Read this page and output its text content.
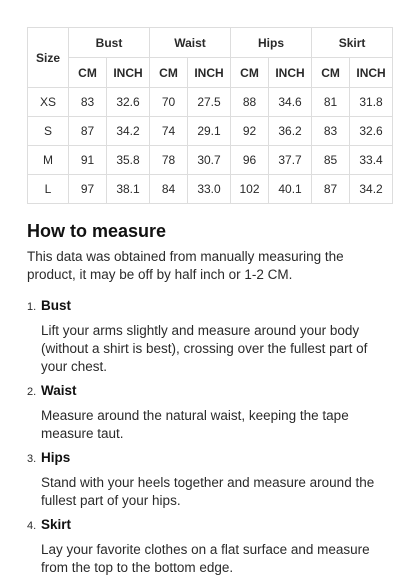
Size	Bust		Waist		Hips		Skirt	
	CM	INCH	CM	INCH	CM	INCH	CM	INCH
XS	83	32.6	70	27.5	88	34.6	81	31.8
S	87	34.2	74	29.1	92	36.2	83	32.6
M	91	35.8	78	30.7	96	37.7	85	33.4
L	97	38.1	84	33.0	102	40.1	87	34.2
How to measure

This data was obtained from manually measuring the product, it may be off by half inch or 1-2 CM.

1. Bust
Lift your arms slightly and measure around your body (without a shirt is best), crossing over the fullest part of your chest.
2. Waist
Measure around the natural waist, keeping the tape measure taut.
3. Hips
Stand with your heels together and measure around the fullest part of your hips.
4. Skirt
Lay your favorite clothes on a flat surface and measure from the top to the bottom edge.
